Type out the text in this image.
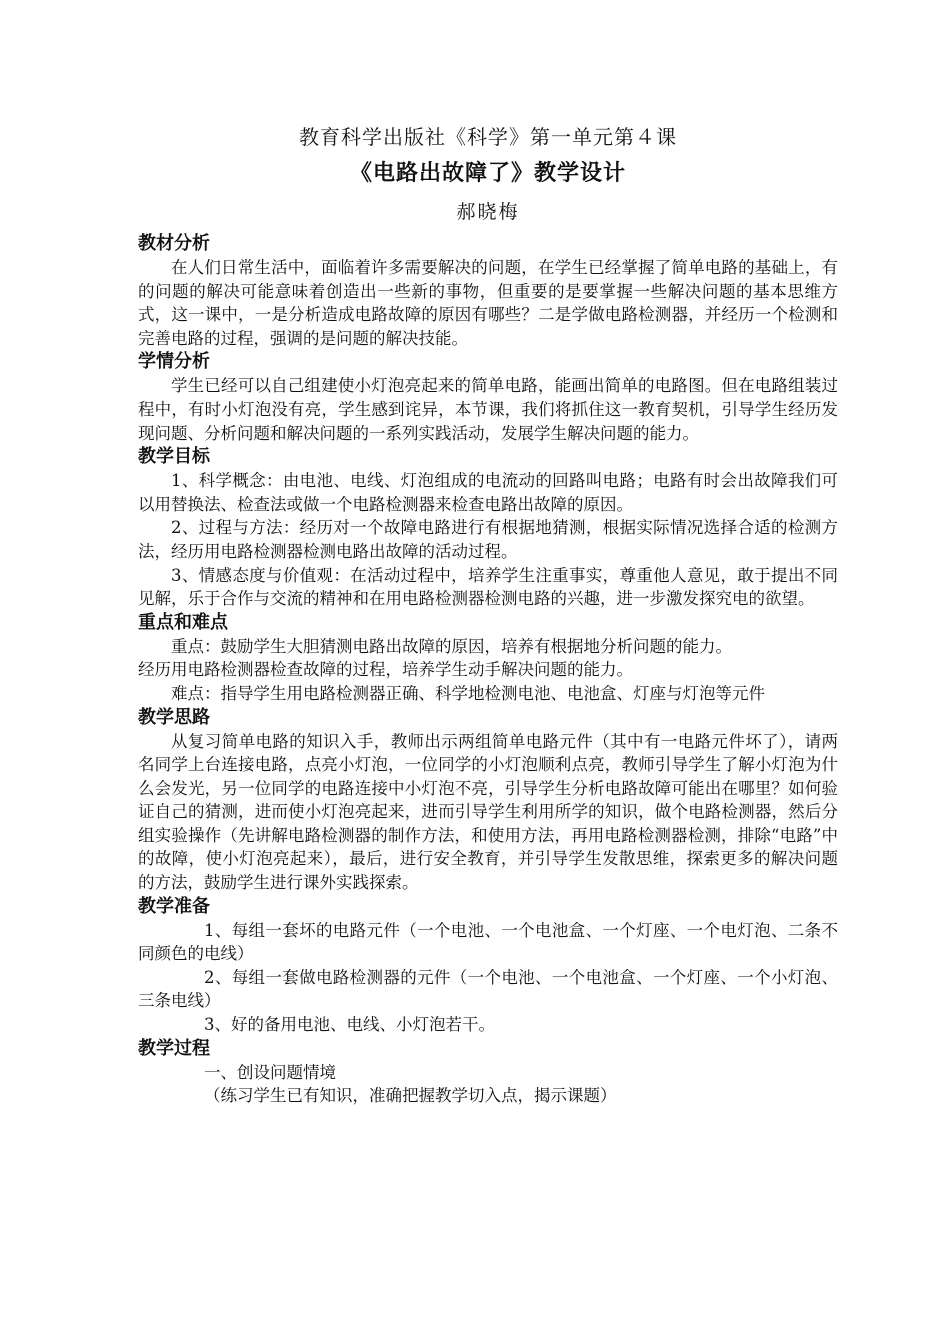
教育科学出版社《科学》第一单元第４课

《电路出故障了》教学设计

郝晓梅

教材分析

在人们日常生活中，面临着许多需要解决的问题，在学生已经掌握了简单电路的基础上，有的问题的解决可能意味着创造出一些新的事物，但重要的是要掌握一些解决问题的基本思维方式，这一课中，一是分析造成电路故障的原因有哪些？二是学做电路检测器，并经历一个检测和完善电路的过程，强调的是问题的解决技能。

学情分析

学生已经可以自己组建使小灯泡亮起来的简单电路，能画出简单的电路图。但在电路组装过程中，有时小灯泡没有亮，学生感到诧异，本节课，我们将抓住这一教育契机，引导学生经历发现问题、分析问题和解决问题的一系列实践活动，发展学生解决问题的能力。

教学目标

1、科学概念：由电池、电线、灯泡组成的电流动的回路叫电路；电路有时会出故障我们可以用替换法、检查法或做一个电路检测器来检查电路出故障的原因。

2、过程与方法：经历对一个故障电路进行有根据地猜测，根据实际情况选择合适的检测方法，经历用电路检测器检测电路出故障的活动过程。

3、情感态度与价值观：在活动过程中，培养学生注重事实，尊重他人意见，敢于提出不同见解，乐于合作与交流的精神和在用电路检测器检测电路的兴趣，进一步激发探究电的欲望。

重点和难点

重点：鼓励学生大胆猜测电路出故障的原因，培养有根据地分析问题的能力。

经历用电路检测器检查故障的过程，培养学生动手解决问题的能力。

难点：指导学生用电路检测器正确、科学地检测电池、电池盒、灯座与灯泡等元件

教学思路

从复习简单电路的知识入手，教师出示两组简单电路元件（其中有一电路元件坏了），请两名同学上台连接电路，点亮小灯泡，一位同学的小灯泡顺利点亮，教师引导学生了解小灯泡为什么会发光，另一位同学的电路连接中小灯泡不亮，引导学生分析电路故障可能出在哪里？如何验证自己的猜测，进而使小灯泡亮起来，进而引导学生利用所学的知识，做个电路检测器，然后分组实验操作（先讲解电路检测器的制作方法，和使用方法，再用电路检测器检测，排除“电路”中的故障，使小灯泡亮起来），最后，进行安全教育，并引导学生发散思维，探索更多的解决问题的方法，鼓励学生进行课外实践探索。

教学准备

1、每组一套坏的电路元件（一个电池、一个电池盒、一个灯座、一个电灯泡、二条不同颜色的电线）

2、每组一套做电路检测器的元件（一个电池、一个电池盒、一个灯座、一个小灯泡、三条电线）

3、好的备用电池、电线、小灯泡若干。

教学过程

一、创设问题情境

（练习学生已有知识，准确把握教学切入点，揭示课题）
